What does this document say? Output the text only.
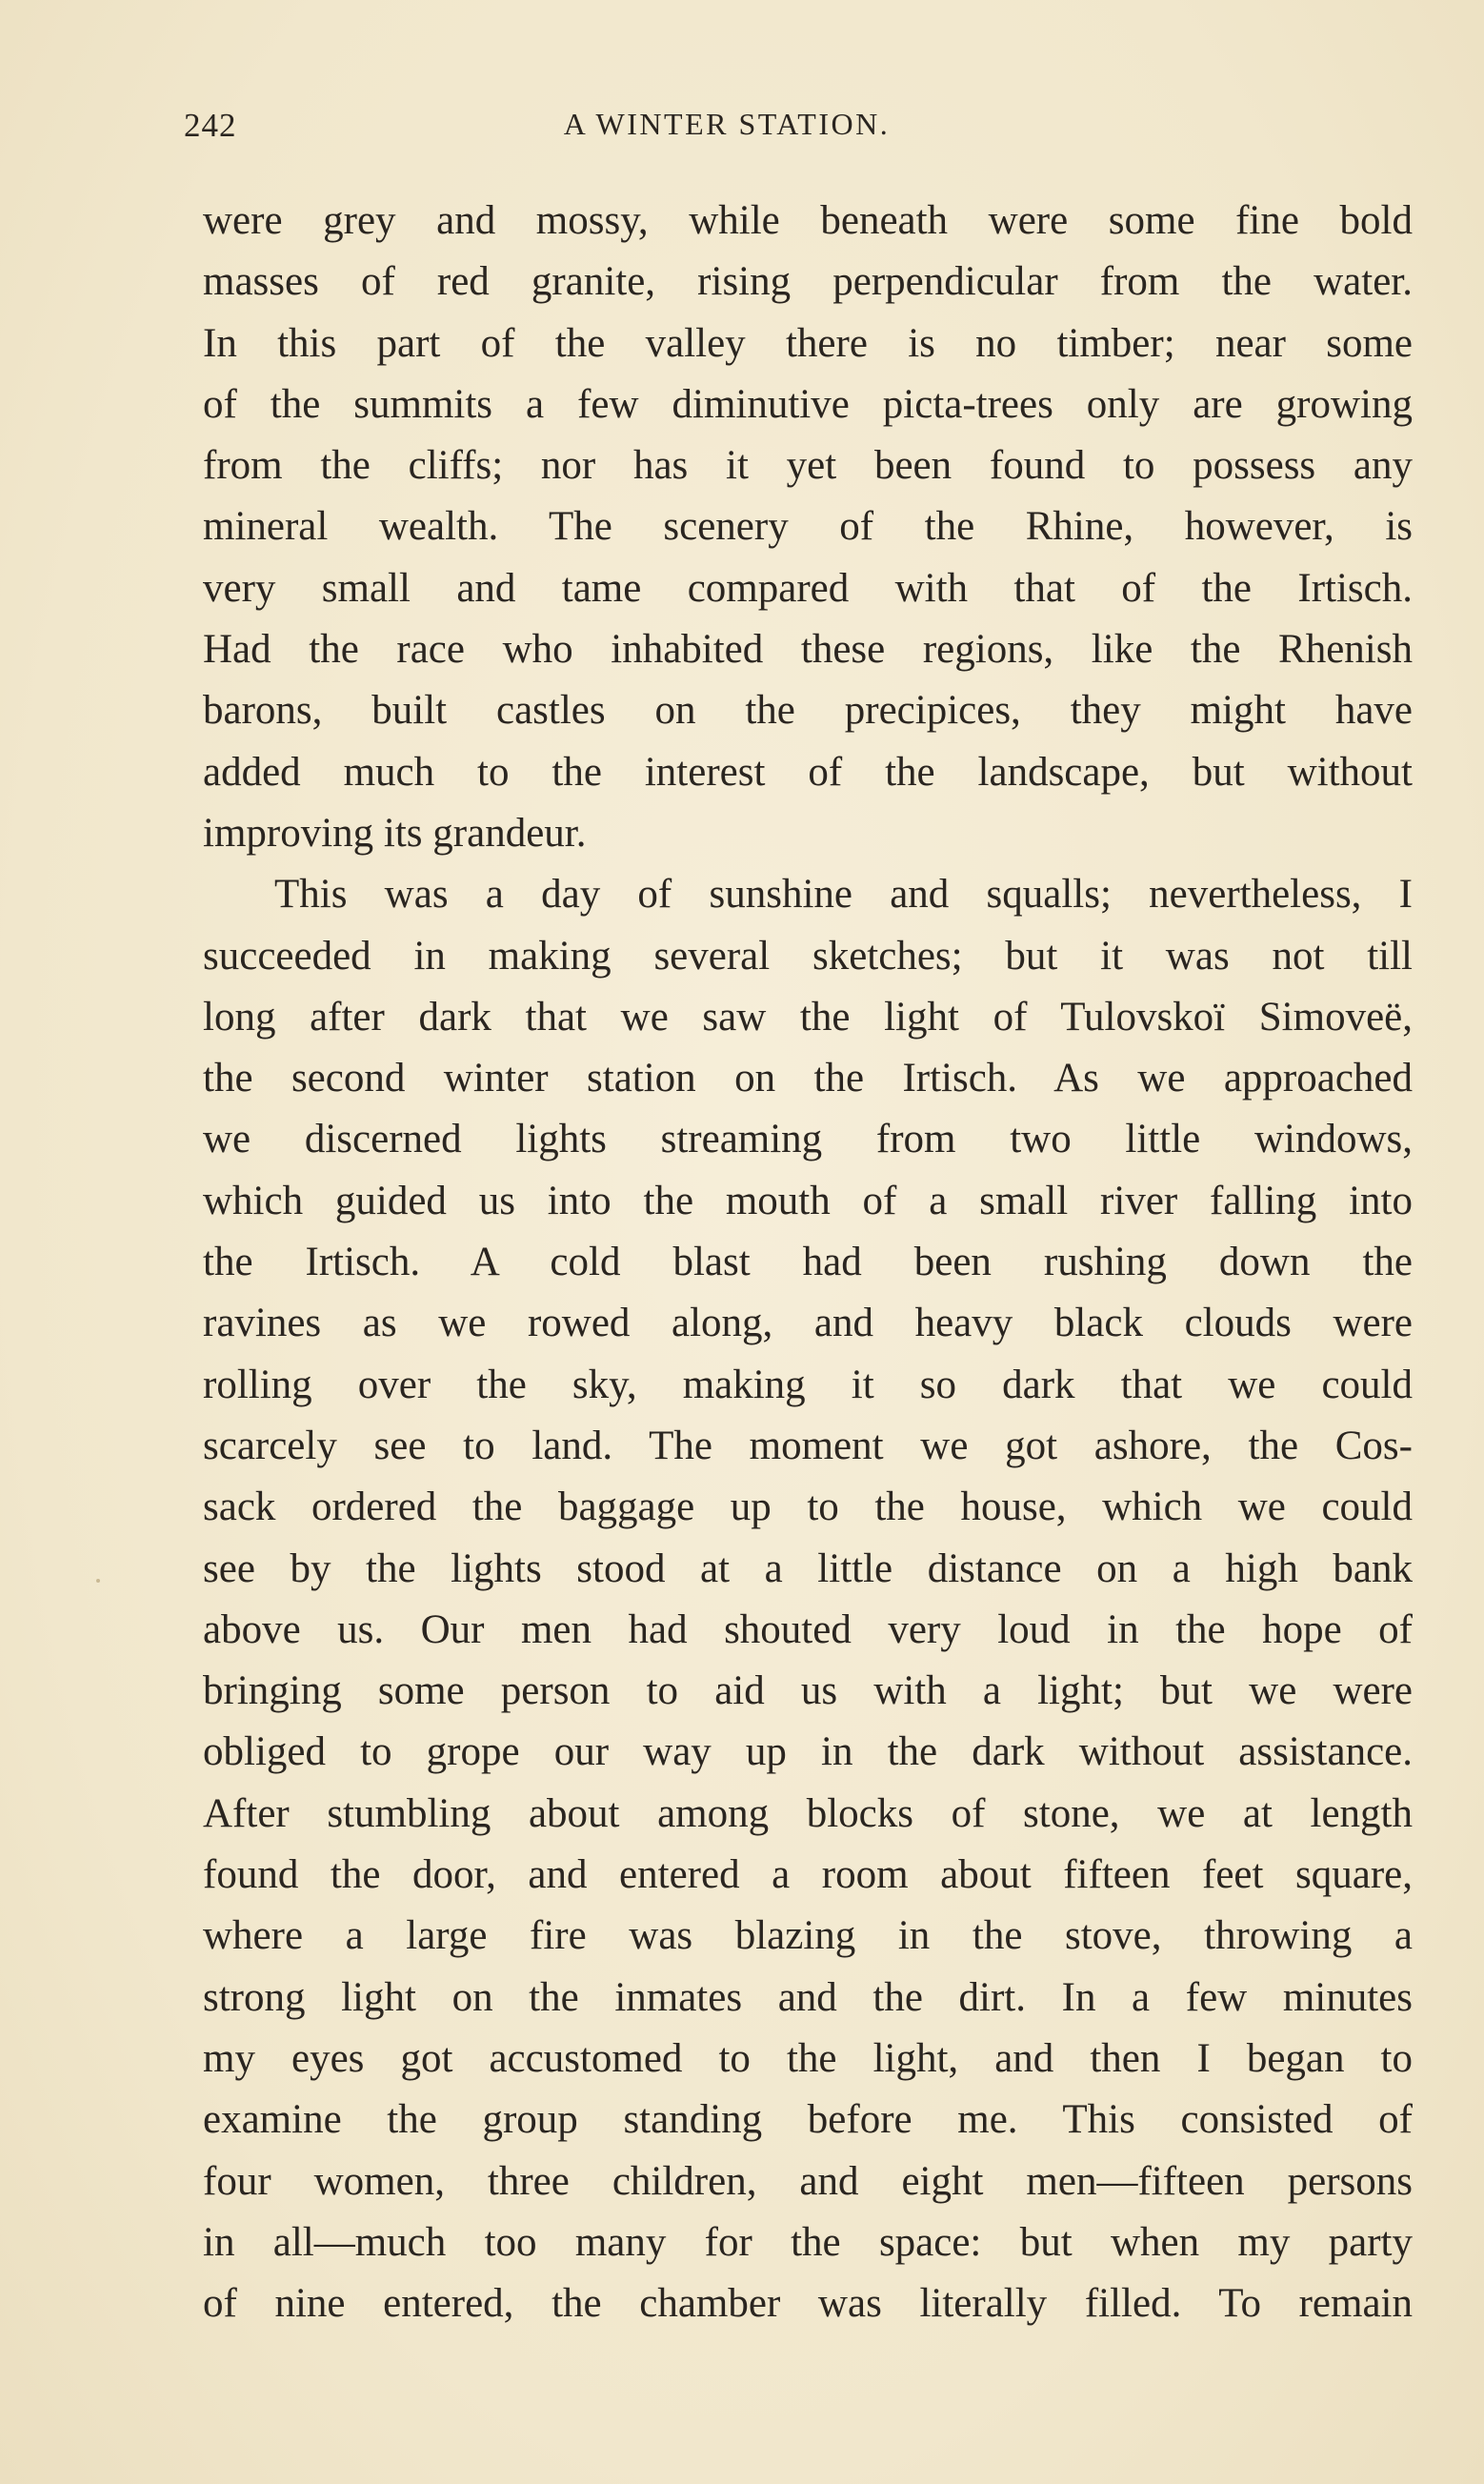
242	A WINTER STATION.
were grey and mossy, while beneath were some fine bold
masses of red granite, rising perpendicular from the water.
In this part of the valley there is no timber; near some
of the summits a few diminutive picta-trees only are growing
from the cliffs; nor has it yet been found to possess any
mineral wealth. The scenery of the Rhine, however, is
very small and tame compared with that of the Irtisch.
Had the race who inhabited these regions, like the Rhenish
barons, built castles on the precipices, they might have
added much to the interest of the landscape, but without
improving its grandeur.
This was a day of sunshine and squalls; nevertheless, I
succeeded in making several sketches; but it was not till
long after dark that we saw the light of Tulovskoï Simoveë,
the second winter station on the Irtisch. As we approached
we discerned lights streaming from two little windows,
which guided us into the mouth of a small river falling into
the Irtisch. A cold blast had been rushing down the
ravines as we rowed along, and heavy black clouds were
rolling over the sky, making it so dark that we could
scarcely see to land. The moment we got ashore, the Cos-
sack ordered the baggage up to the house, which we could
see by the lights stood at a little distance on a high bank
above us. Our men had shouted very loud in the hope of
bringing some person to aid us with a light; but we were
obliged to grope our way up in the dark without assistance.
After stumbling about among blocks of stone, we at length
found the door, and entered a room about fifteen feet square,
where a large fire was blazing in the stove, throwing a
strong light on the inmates and the dirt. In a few minutes
my eyes got accustomed to the light, and then I began to
examine the group standing before me. This consisted of
four women, three children, and eight men—fifteen persons
in all—much too many for the space: but when my party
of nine entered, the chamber was literally filled. To remain
